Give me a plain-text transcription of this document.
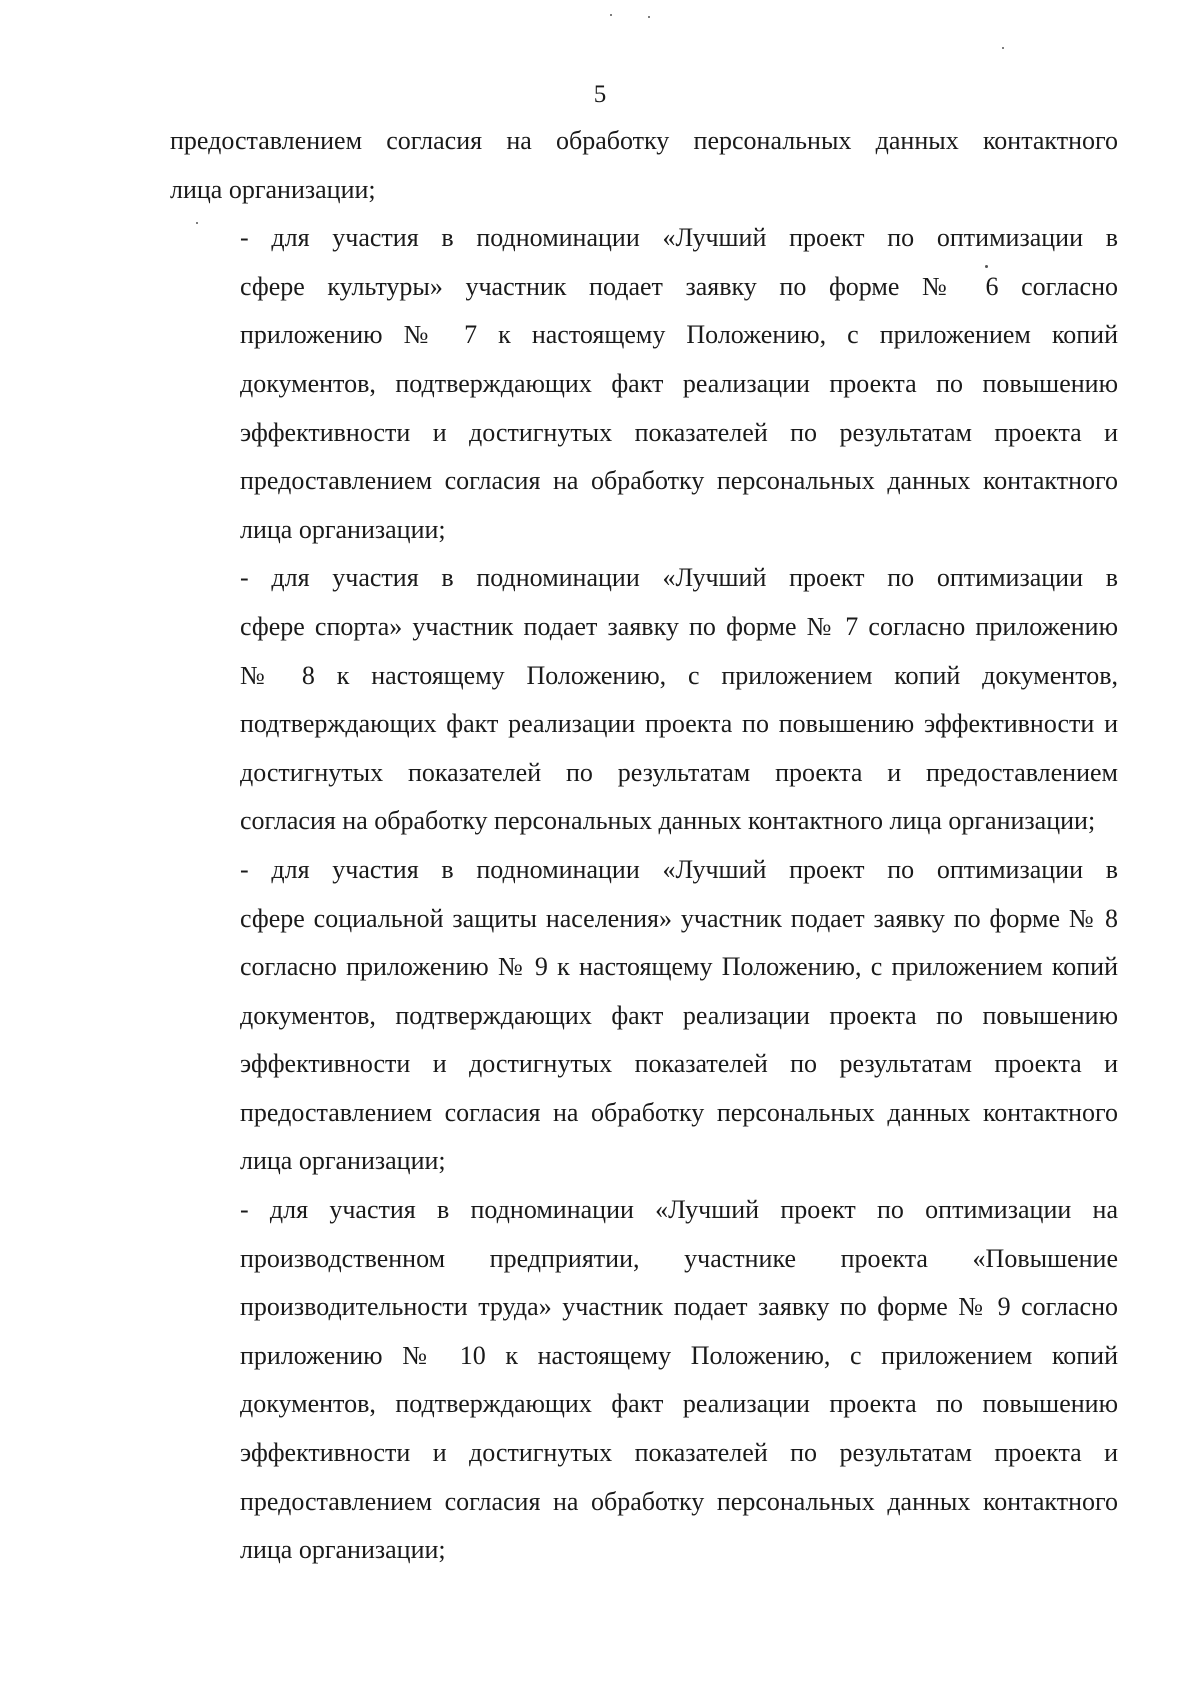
5
предоставлением согласия на обработку персональных данных контактного
лица организации;
- для участия в подноминации «Лучший проект по оптимизации в
сфере культуры» участник подает заявку по форме № 6 согласно
приложению № 7 к настоящему Положению, с приложением копий
документов, подтверждающих факт реализации проекта по повышению
эффективности и достигнутых показателей по результатам проекта и
предоставлением согласия на обработку персональных данных контактного
лица организации;
- для участия в подноминации «Лучший проект по оптимизации в
сфере спорта» участник подает заявку по форме № 7 согласно приложению
№ 8 к настоящему Положению, с приложением копий документов,
подтверждающих факт реализации проекта по повышению эффективности и
достигнутых показателей по результатам проекта и предоставлением
согласия на обработку персональных данных контактного лица организации;
- для участия в подноминации «Лучший проект по оптимизации в
сфере социальной защиты населения» участник подает заявку по форме № 8
согласно приложению № 9 к настоящему Положению, с приложением копий
документов, подтверждающих факт реализации проекта по повышению
эффективности и достигнутых показателей по результатам проекта и
предоставлением согласия на обработку персональных данных контактного
лица организации;
- для участия в подноминации «Лучший проект по оптимизации на
производственном предприятии, участнике проекта «Повышение
производительности труда» участник подает заявку по форме № 9 согласно
приложению № 10 к настоящему Положению, с приложением копий
документов, подтверждающих факт реализации проекта по повышению
эффективности и достигнутых показателей по результатам проекта и
предоставлением согласия на обработку персональных данных контактного
лица организации;
